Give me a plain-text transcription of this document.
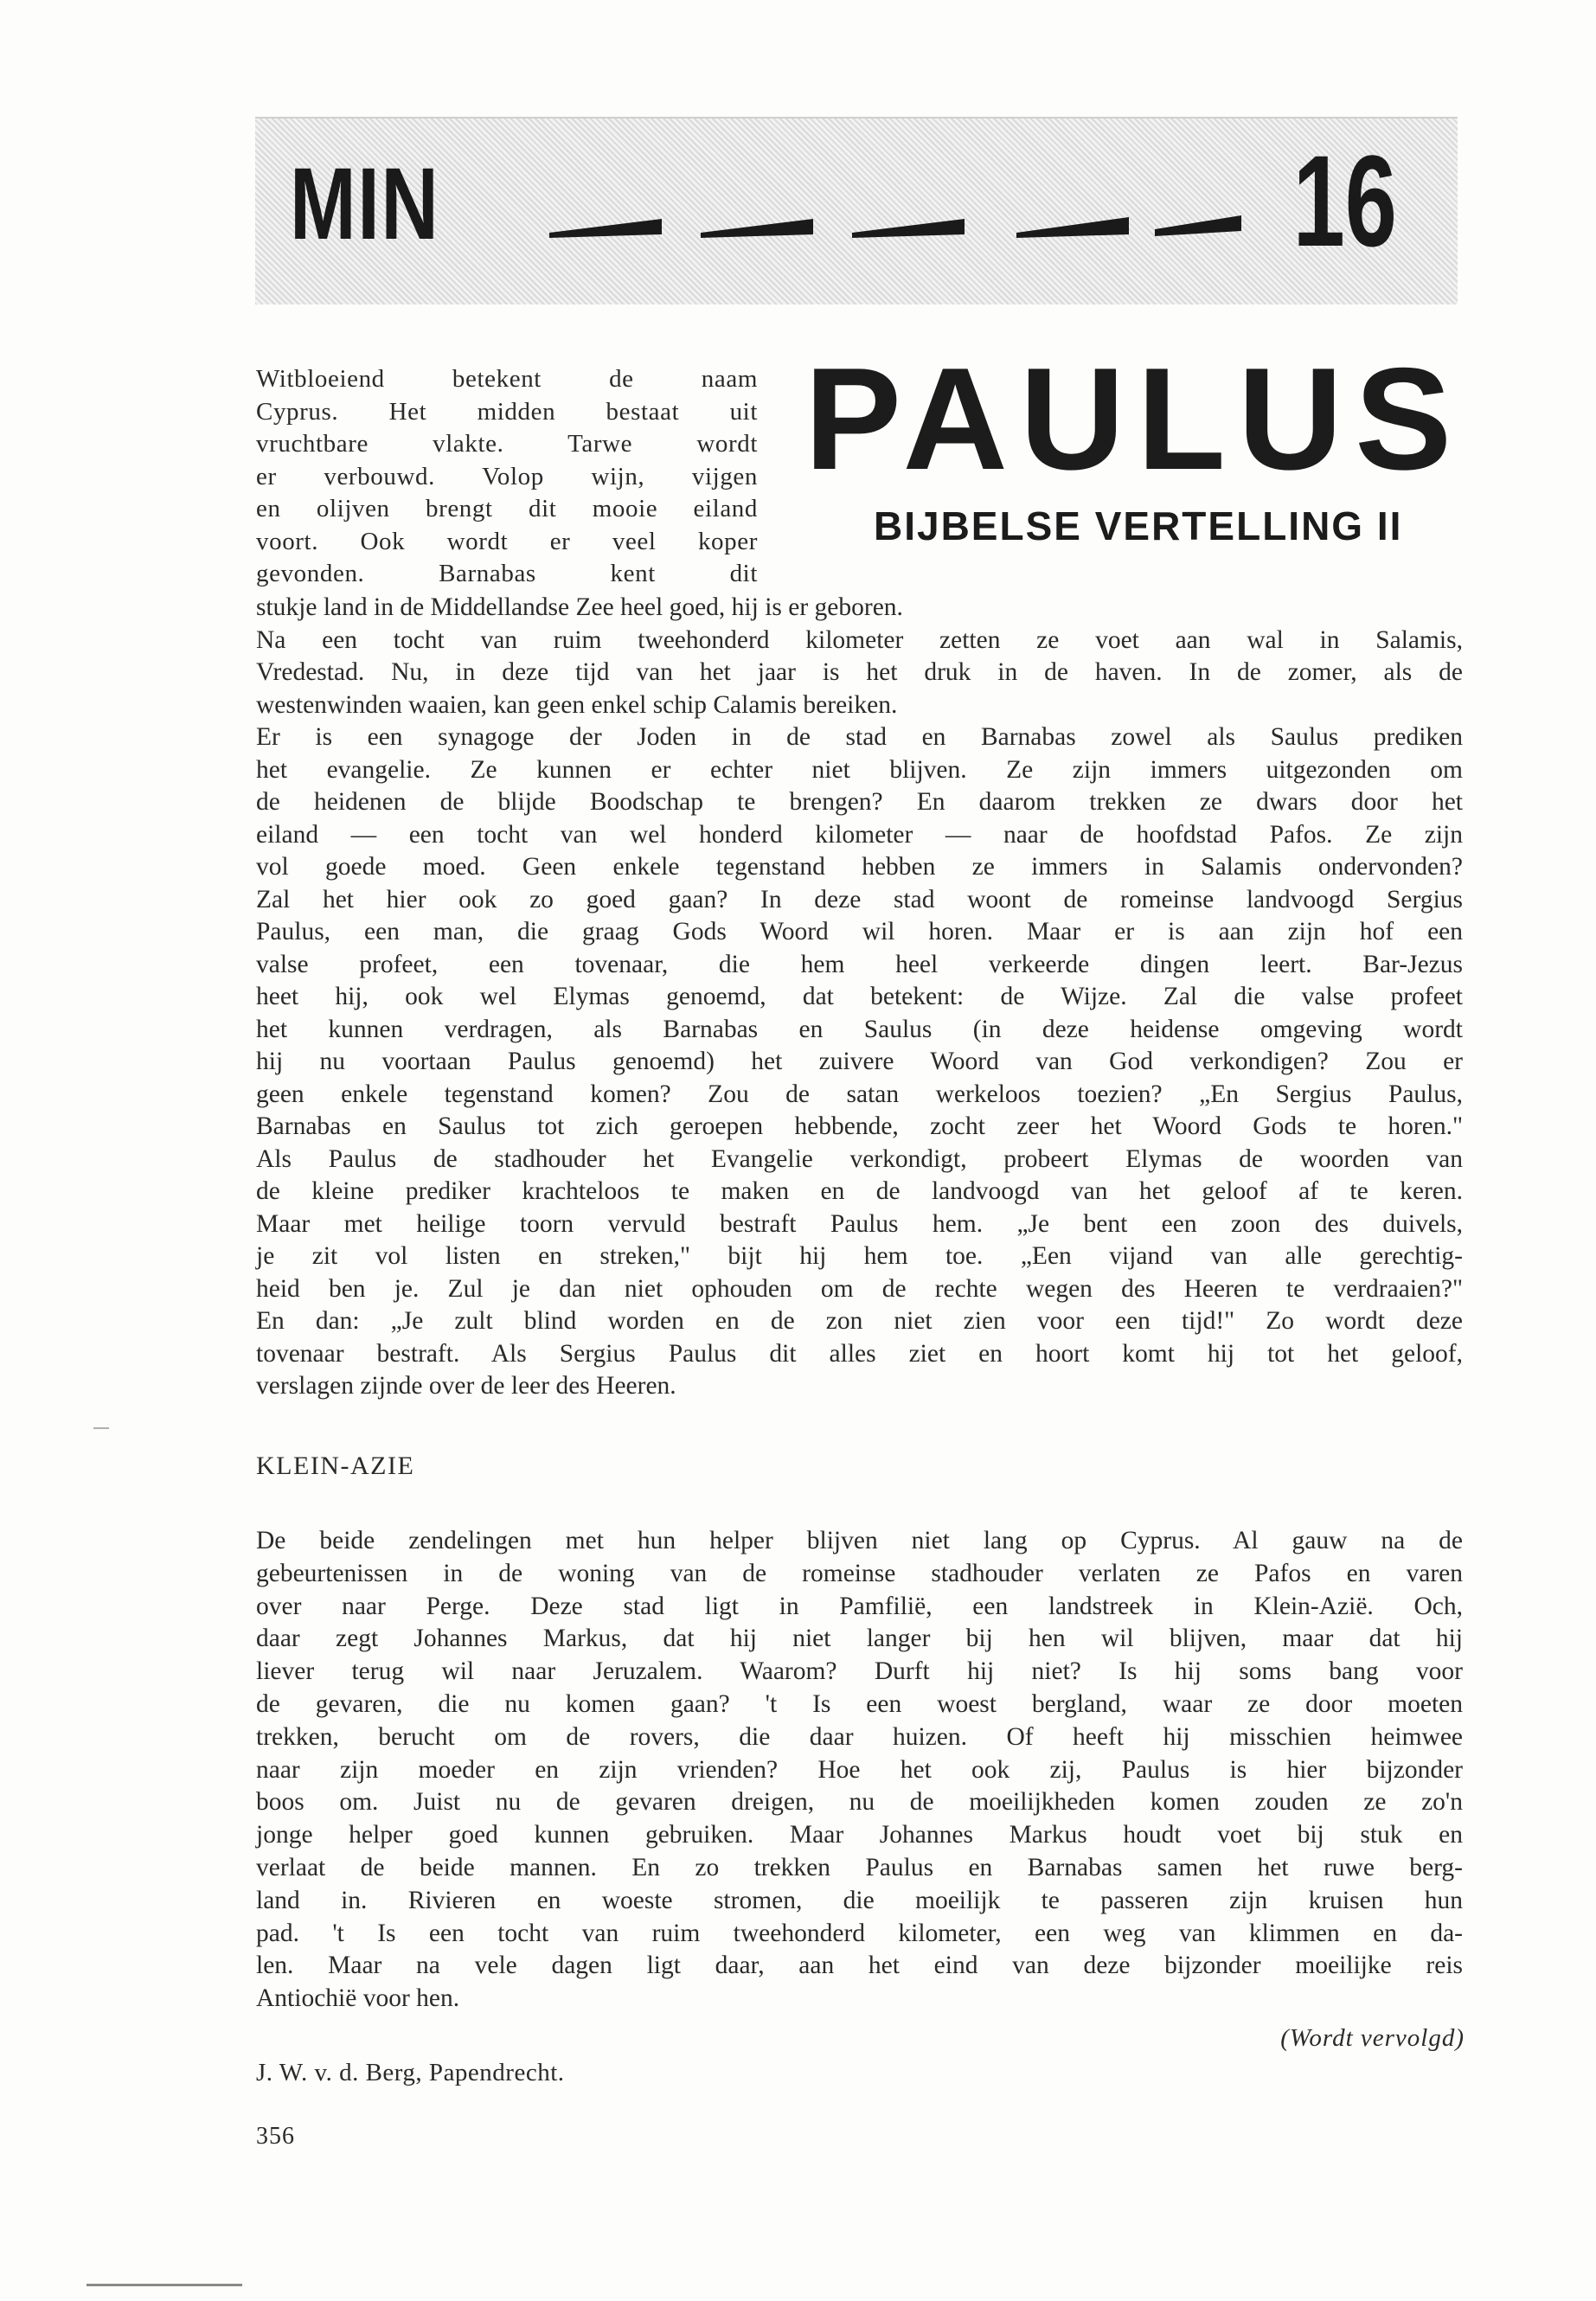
MIN	16
PAULUS
BIJBELSE VERTELLING II
Witbloeiend betekent de naam
Cyprus. Het midden bestaat uit
vruchtbare vlakte. Tarwe wordt
er verbouwd. Volop wijn, vijgen
en olijven brengt dit mooie eiland
voort. Ook wordt er veel koper
gevonden. Barnabas kent dit
stukje land in de Middellandse Zee heel goed, hij is er geboren.
Na een tocht van ruim tweehonderd kilometer zetten ze voet aan wal in Salamis,
Vredestad. Nu, in deze tijd van het jaar is het druk in de haven. In de zomer, als de
westenwinden waaien, kan geen enkel schip Calamis bereiken.
Er is een synagoge der Joden in de stad en Barnabas zowel als Saulus prediken
het evangelie. Ze kunnen er echter niet blijven. Ze zijn immers uitgezonden om
de heidenen de blijde Boodschap te brengen? En daarom trekken ze dwars door het
eiland — een tocht van wel honderd kilometer — naar de hoofdstad Pafos. Ze zijn
vol goede moed. Geen enkele tegenstand hebben ze immers in Salamis ondervonden?
Zal het hier ook zo goed gaan? In deze stad woont de romeinse landvoogd Sergius
Paulus, een man, die graag Gods Woord wil horen. Maar er is aan zijn hof een
valse profeet, een tovenaar, die hem heel verkeerde dingen leert. Bar-Jezus
heet hij, ook wel Elymas genoemd, dat betekent: de Wijze. Zal die valse profeet
het kunnen verdragen, als Barnabas en Saulus (in deze heidense omgeving wordt
hij nu voortaan Paulus genoemd) het zuivere Woord van God verkondigen? Zou er
geen enkele tegenstand komen? Zou de satan werkeloos toezien? „En Sergius Paulus,
Barnabas en Saulus tot zich geroepen hebbende, zocht zeer het Woord Gods te horen."
Als Paulus de stadhouder het Evangelie verkondigt, probeert Elymas de woorden van
de kleine prediker krachteloos te maken en de landvoogd van het geloof af te keren.
Maar met heilige toorn vervuld bestraft Paulus hem. „Je bent een zoon des duivels,
je zit vol listen en streken," bijt hij hem toe. „Een vijand van alle gerechtig-
heid ben je. Zul je dan niet ophouden om de rechte wegen des Heeren te verdraaien?"
En dan: „Je zult blind worden en de zon niet zien voor een tijd!" Zo wordt deze
tovenaar bestraft. Als Sergius Paulus dit alles ziet en hoort komt hij tot het geloof,
verslagen zijnde over de leer des Heeren.
KLEIN-AZIE
De beide zendelingen met hun helper blijven niet lang op Cyprus. Al gauw na de
gebeurtenissen in de woning van de romeinse stadhouder verlaten ze Pafos en varen
over naar Perge. Deze stad ligt in Pamfilië, een landstreek in Klein-Azië. Och,
daar zegt Johannes Markus, dat hij niet langer bij hen wil blijven, maar dat hij
liever terug wil naar Jeruzalem. Waarom? Durft hij niet? Is hij soms bang voor
de gevaren, die nu komen gaan? 't Is een woest bergland, waar ze door moeten
trekken, berucht om de rovers, die daar huizen. Of heeft hij misschien heimwee
naar zijn moeder en zijn vrienden? Hoe het ook zij, Paulus is hier bijzonder
boos om. Juist nu de gevaren dreigen, nu de moeilijkheden komen zouden ze zo'n
jonge helper goed kunnen gebruiken. Maar Johannes Markus houdt voet bij stuk en
verlaat de beide mannen. En zo trekken Paulus en Barnabas samen het ruwe berg-
land in. Rivieren en woeste stromen, die moeilijk te passeren zijn kruisen hun
pad. 't Is een tocht van ruim tweehonderd kilometer, een weg van klimmen en da-
len. Maar na vele dagen ligt daar, aan het eind van deze bijzonder moeilijke reis
Antiochië voor hen.
(Wordt vervolgd)
J. W. v. d. Berg, Papendrecht.
356
